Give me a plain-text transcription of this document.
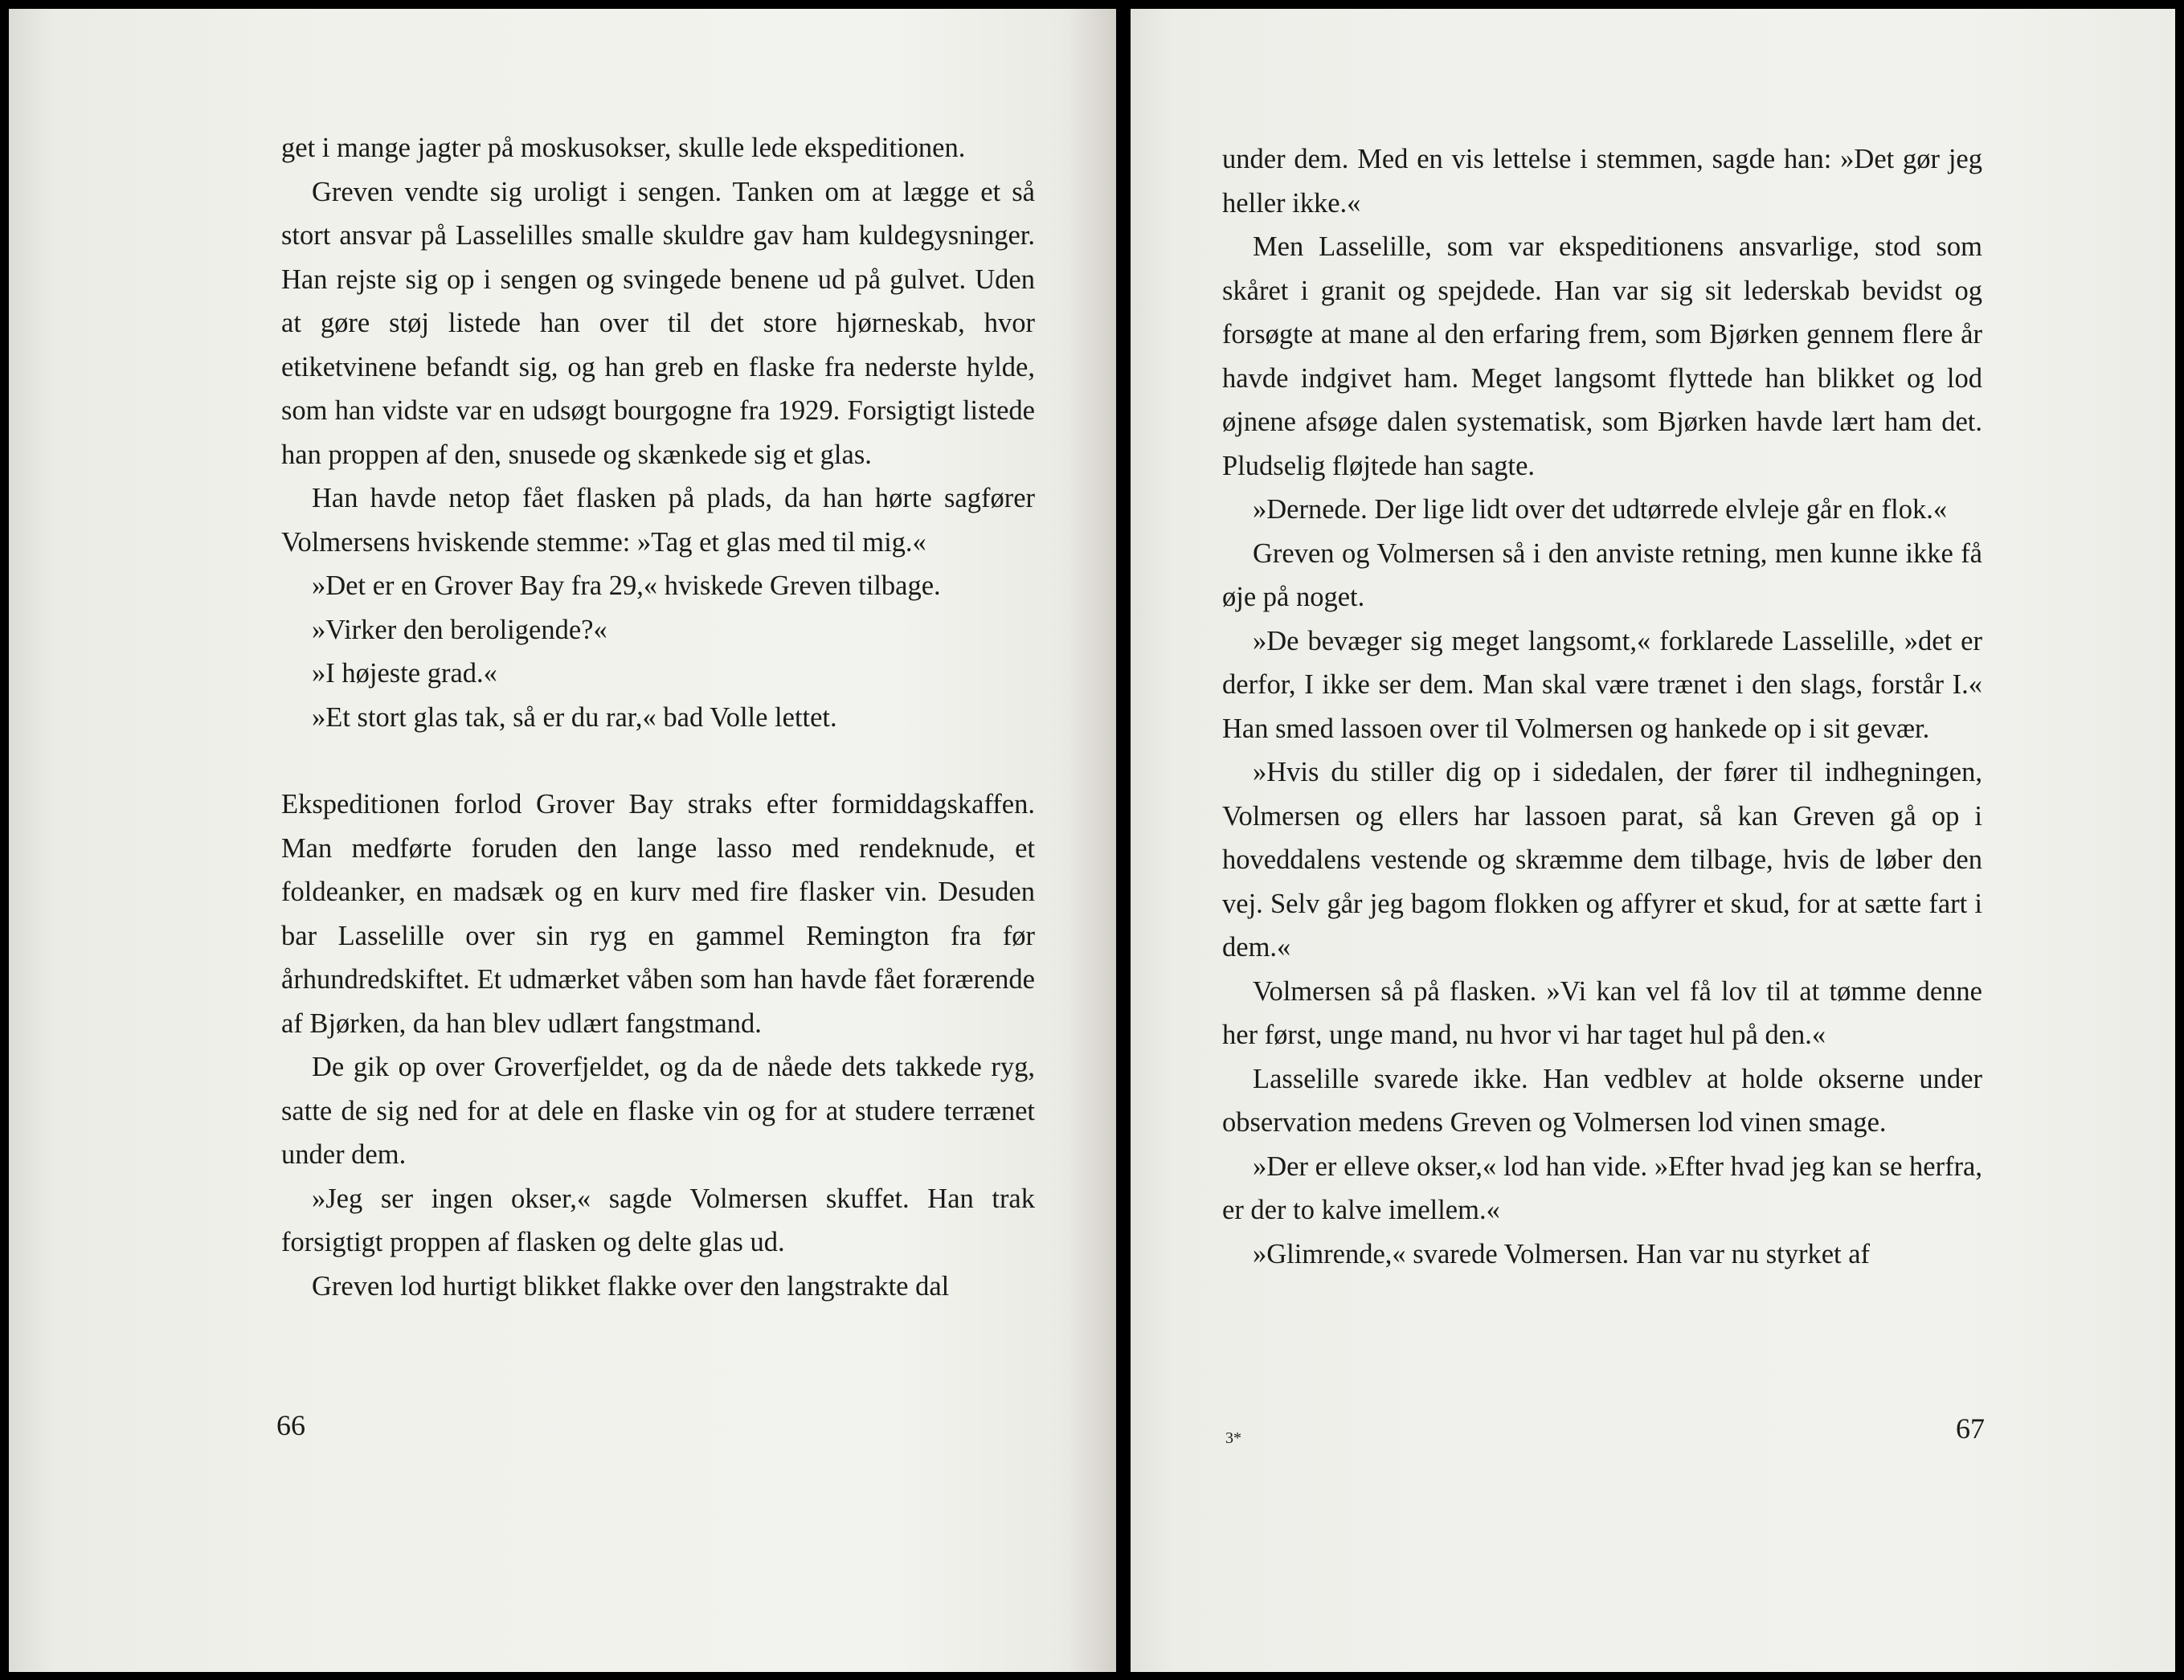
get i mange jagter på moskusokser, skulle lede ekspeditionen.

Greven vendte sig uroligt i sengen. Tanken om at lægge et så stort ansvar på Lasselilles smalle skuldre gav ham kuldegysninger. Han rejste sig op i sengen og svingede benene ud på gulvet. Uden at gøre støj listede han over til det store hjørneskab, hvor etiketvinene befandt sig, og han greb en flaske fra nederste hylde, som han vidste var en udsøgt bourgogne fra 1929. Forsigtigt listede han proppen af den, snusede og skænkede sig et glas.

Han havde netop fået flasken på plads, da han hørte sagfører Volmersens hviskende stemme: »Tag et glas med til mig.«

»Det er en Grover Bay fra 29,« hviskede Greven tilbage.

»Virker den beroligende?«

»I højeste grad.«

»Et stort glas tak, så er du rar,« bad Volle lettet.

Ekspeditionen forlod Grover Bay straks efter formiddagskaffen. Man medførte foruden den lange lasso med rendeknude, et foldeanker, en madsæk og en kurv med fire flasker vin. Desuden bar Lasselille over sin ryg en gammel Remington fra før århundredskiftet. Et udmærket våben som han havde fået forærende af Bjørken, da han blev udlært fangstmand.

De gik op over Groverfjeldet, og da de nåede dets takkede ryg, satte de sig ned for at dele en flaske vin og for at studere terrænet under dem.

»Jeg ser ingen okser,« sagde Volmersen skuffet. Han trak forsigtigt proppen af flasken og delte glas ud.

Greven lod hurtigt blikket flakke over den langstrakte dal

66

under dem. Med en vis lettelse i stemmen, sagde han: »Det gør jeg heller ikke.«

Men Lasselille, som var ekspeditionens ansvarlige, stod som skåret i granit og spejdede. Han var sig sit lederskab bevidst og forsøgte at mane al den erfaring frem, som Bjørken gennem flere år havde indgivet ham. Meget langsomt flyttede han blikket og lod øjnene afsøge dalen systematisk, som Bjørken havde lært ham det. Pludselig fløjtede han sagte.

»Dernede. Der lige lidt over det udtørrede elvleje går en flok.«

Greven og Volmersen så i den anviste retning, men kunne ikke få øje på noget.

»De bevæger sig meget langsomt,« forklarede Lasselille, »det er derfor, I ikke ser dem. Man skal være trænet i den slags, forstår I.« Han smed lassoen over til Volmersen og hankede op i sit gevær.

»Hvis du stiller dig op i sidedalen, der fører til indhegningen, Volmersen og ellers har lassoen parat, så kan Greven gå op i hoveddalens vestende og skræmme dem tilbage, hvis de løber den vej. Selv går jeg bagom flokken og affyrer et skud, for at sætte fart i dem.«

Volmersen så på flasken. »Vi kan vel få lov til at tømme denne her først, unge mand, nu hvor vi har taget hul på den.«

Lasselille svarede ikke. Han vedblev at holde okserne under observation medens Greven og Volmersen lod vinen smage.

»Der er elleve okser,« lod han vide. »Efter hvad jeg kan se herfra, er der to kalve imellem.«

»Glimrende,« svarede Volmersen. Han var nu styrket af

3*	67
